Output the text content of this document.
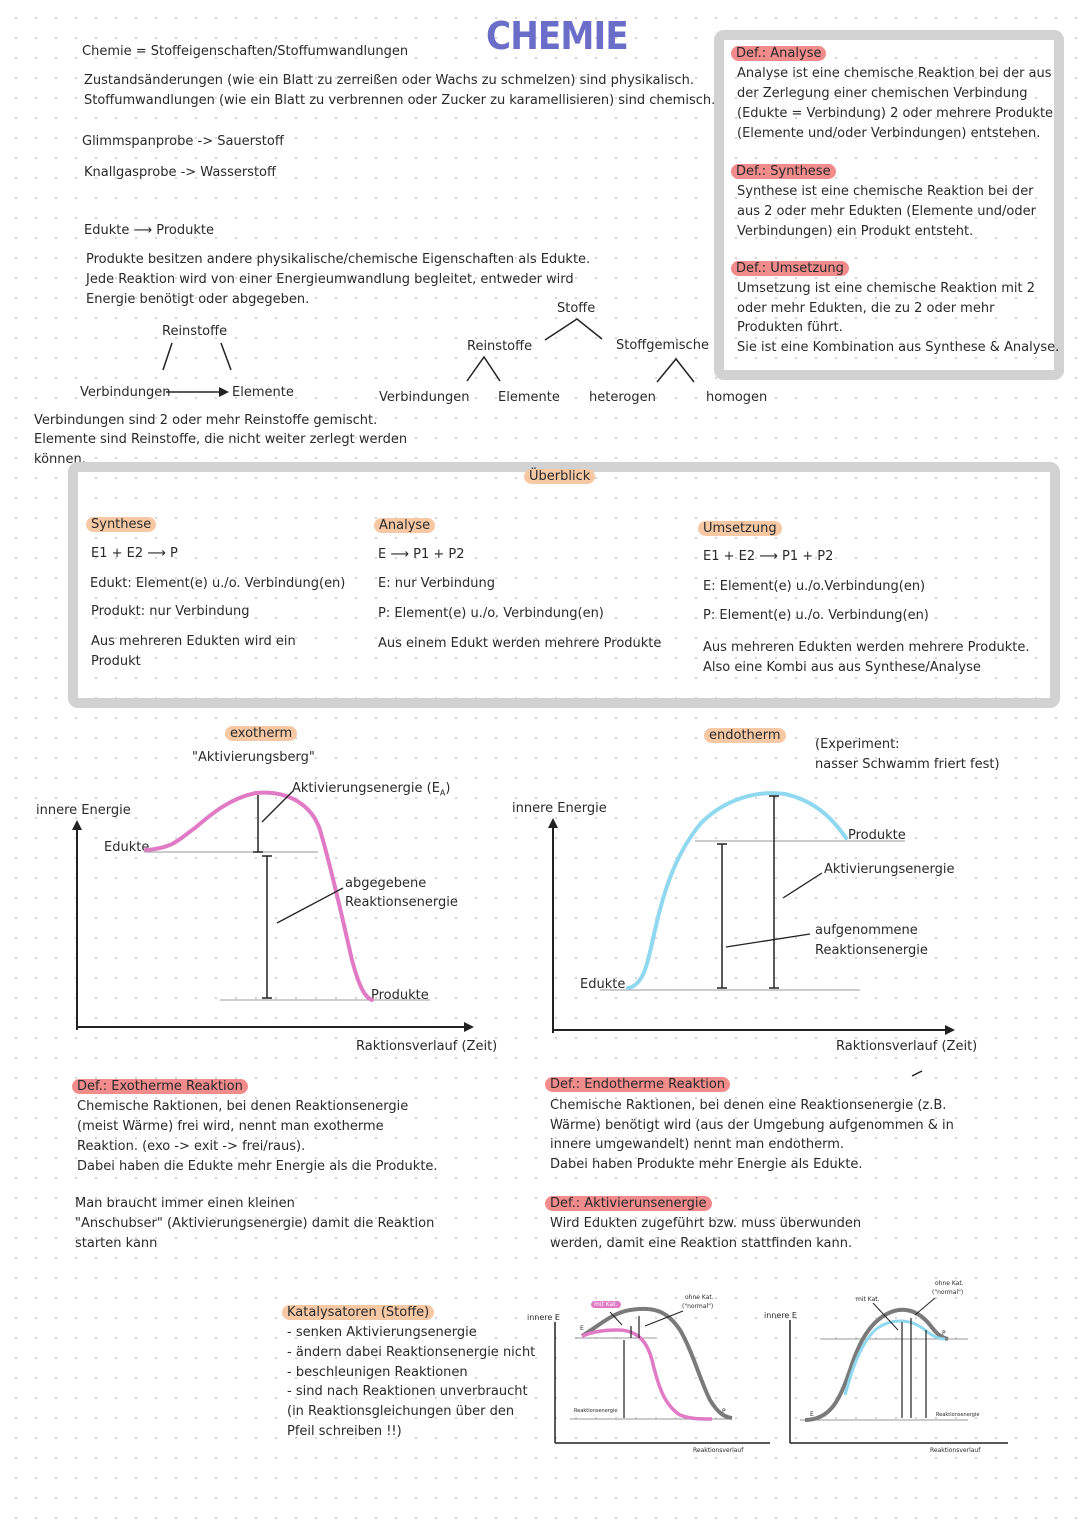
CHEMIE
Chemie = Stoffeigenschaften/Stoffumwandlungen
Zustandsänderungen (wie ein Blatt zu zerreißen oder Wachs zu schmelzen) sind physikalisch.
Stoffumwandlungen (wie ein Blatt zu verbrennen oder Zucker zu karamellisieren) sind chemisch.
Glimmspanprobe -> Sauerstoff
Knallgasprobe -> Wasserstoff
Edukte ⟶ Produkte
Produkte besitzen andere physikalische/chemische Eigenschaften als Edukte.
Jede Reaktion wird von einer Energieumwandlung begleitet, entweder wird
Energie benötigt oder abgegeben.
Reinstoffe
Verbindungen	Elemente
Verbindungen sind 2 oder mehr Reinstoffe gemischt.
Elemente sind Reinstoffe, die nicht weiter zerlegt werden
können.
Stoffe
Reinstoffe	Stoffgemische
Verbindungen Elemente heterogen	homogen
Def.: Analyse
Analyse ist eine chemische Reaktion bei der aus
der Zerlegung einer chemischen Verbindung
(Edukte = Verbindung) 2 oder mehrere Produkte
(Elemente und/oder Verbindungen) entstehen.
Def.: Synthese
Synthese ist eine chemische Reaktion bei der
aus 2 oder mehr Edukten (Elemente und/oder
Verbindungen) ein Produkt entsteht.
Def.: Umsetzung
Umsetzung ist eine chemische Reaktion mit 2
oder mehr Edukten, die zu 2 oder mehr
Produkten führt.
Sie ist eine Kombination aus Synthese & Analyse.
Überblick
Synthese
E1 + E2 ⟶ P
Edukt: Element(e) u./o. Verbindung(en)
Produkt: nur Verbindung
Aus mehreren Edukten wird ein
Produkt
Analyse
E ⟶ P1 + P2
E: nur Verbindung
P: Element(e) u./o. Verbindung(en)
Aus einem Edukt werden mehrere Produkte
Umsetzung
E1 + E2 ⟶ P1 + P2
E: Element(e) u./o.Verbindung(en)
P: Element(e) u./o. Verbindung(en)
Aus mehreren Edukten werden mehrere Produkte.
Also eine Kombi aus aus Synthese/Analyse
exotherm
"Aktivierungsberg"
Aktivierungsenergie $(E_A)$
innere Energie
Edukte
abgegebene
Reaktionsenergie
Produkte
Raktionsverlauf (Zeit)
endotherm
(Experiment:
nasser Schwamm friert fest)
innere Energie
Produkte
Aktivierungsenergie
aufgenommene
Reaktionsenergie
Edukte
Raktionsverlauf (Zeit)
Def.: Exotherme Reaktion
Chemische Raktionen, bei denen Reaktionsenergie
(meist Wärme) frei wird, nennt man exotherme
Reaktion. (exo -> exit -> frei/raus).
Dabei haben die Edukte mehr Energie als die Produkte.
Man braucht immer einen kleinen
"Anschubser" (Aktivierungsenergie) damit die Reaktion
starten kann
Def.: Endotherme Reaktion
Chemische Raktionen, bei denen eine Reaktionsenergie (z.B.
Wärme) benötigt wird (aus der Umgebung aufgenommen & in
innere umgewandelt) nennt man endotherm.
Dabei haben Produkte mehr Energie als Edukte.
Def.: Aktivierunsenergie
Wird Edukten zugeführt bzw. muss überwunden
werden, damit eine Reaktion stattfinden kann.
Katalysatoren (Stoffe)
- senken Aktivierungsenergie
- ändern dabei Reaktionsenergie nicht
- beschleunigen Reaktionen
- sind nach Reaktionen unverbraucht
(in Reaktionsgleichungen über den
Pfeil schreiben !!)
innere E
mit Kat.
ohne Kat.
("normal")
E
P
Reaktionsenergie
Reaktionsverlauf
innere E
mit Kat.
ohne Kat.
("normal")
E
P
Reaktionsenergie
Reaktionsverlauf
